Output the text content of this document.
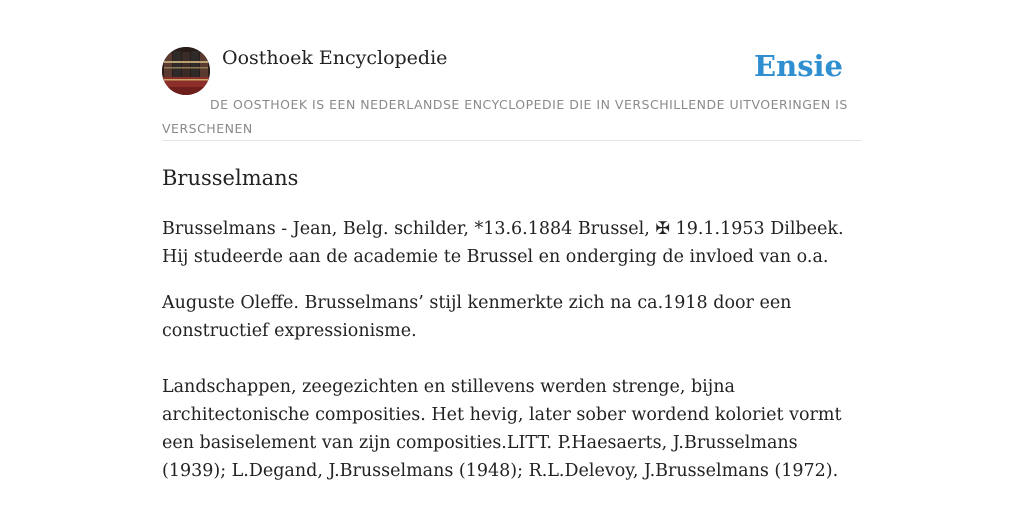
Oosthoek Encyclopedie	Ensie

DE OOSTHOEK IS EEN NEDERLANDSE ENCYCLOPEDIE DIE IN VERSCHILLENDE UITVOERINGEN IS VERSCHENEN

Brusselmans

Brusselmans - Jean, Belg. schilder, *13.6.1884 Brussel, ✠ 19.1.1953 Dilbeek. Hij studeerde aan de academie te Brussel en onderging de invloed van o.a.

Auguste Oleffe. Brusselmans’ stijl kenmerkte zich na ca.1918 door een constructief expressionisme.

Landschappen, zeegezichten en stillevens werden strenge, bijna architectonische composities. Het hevig, later sober wordend koloriet vormt een basiselement van zijn composities.LITT. P.Haesaerts, J.Brusselmans (1939); L.Degand, J.Brusselmans (1948); R.L.Delevoy, J.Brusselmans (1972).
